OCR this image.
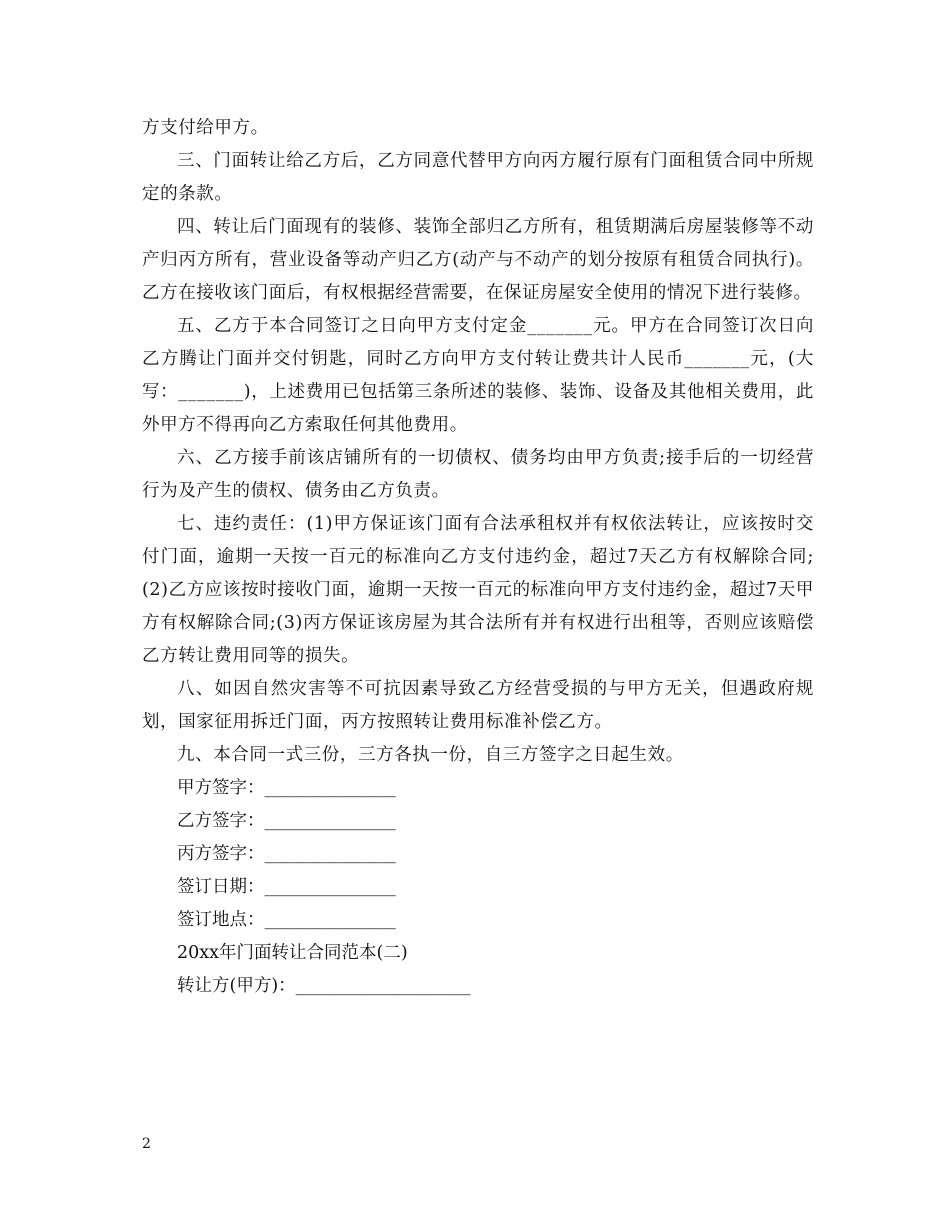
方支付给甲方。

三、门面转让给乙方后，乙方同意代替甲方向丙方履行原有门面租赁合同中所规定的条款。

四、转让后门面现有的装修、装饰全部归乙方所有，租赁期满后房屋装修等不动产归丙方所有，营业设备等动产归乙方(动产与不动产的划分按原有租赁合同执行)。乙方在接收该门面后，有权根据经营需要，在保证房屋安全使用的情况下进行装修。

五、乙方于本合同签订之日向甲方支付定金_______元。甲方在合同签订次日向乙方腾让门面并交付钥匙，同时乙方向甲方支付转让费共计人民币_______元，(大写：_______)，上述费用已包括第三条所述的装修、装饰、设备及其他相关费用，此外甲方不得再向乙方索取任何其他费用。

六、乙方接手前该店铺所有的一切债权、债务均由甲方负责;接手后的一切经营行为及产生的债权、债务由乙方负责。

七、违约责任：(1)甲方保证该门面有合法承租权并有权依法转让，应该按时交付门面，逾期一天按一百元的标准向乙方支付违约金，超过7天乙方有权解除合同;(2)乙方应该按时接收门面，逾期一天按一百元的标准向甲方支付违约金，超过7天甲方有权解除合同;(3)丙方保证该房屋为其合法所有并有权进行出租等，否则应该赔偿乙方转让费用同等的损失。

八、如因自然灾害等不可抗因素导致乙方经营受损的与甲方无关，但遇政府规划，国家征用拆迁门面，丙方按照转让费用标准补偿乙方。

九、本合同一式三份，三方各执一份，自三方签字之日起生效。

甲方签字：_______________

乙方签字：_______________

丙方签字：_______________

签订日期：_______________

签订地点：_______________

20xx年门面转让合同范本(二)

转让方(甲方)：____________________

2
